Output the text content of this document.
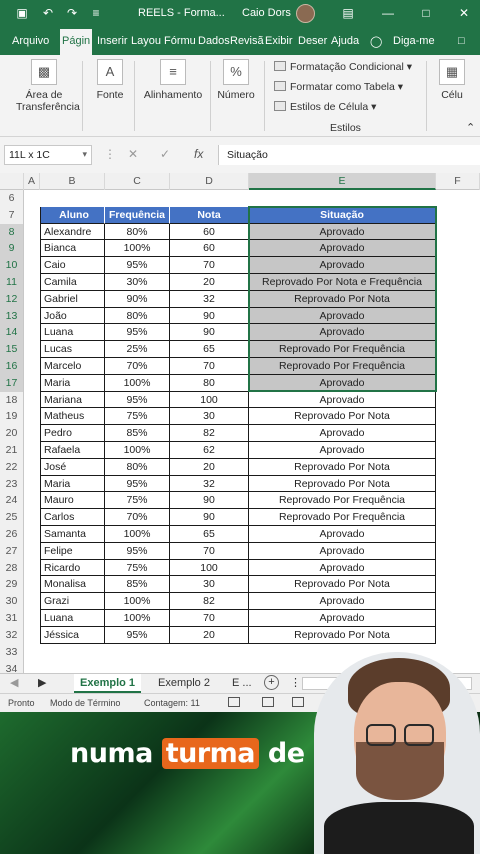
▣ ↶ ↷	≡	REELS - Forma... Caio Dors	▤ —	□	✕
Arquivo Págin Inserir Layou Fórmu Dados Revisã Exibir Deser Ajuda ◯ Diga-me □
▩
Área de
Transferência
A
Fonte
≡
Alinhamento
%
Número
Formatação Condicional ▾
Formatar como Tabela ▾
Estilos de Célula ▾
Estilos
▦
Célu
⌃
11L x 1C	▾ ⋮ ✕ ✓ fx	Situação
A	B	C	D	E	F
6
7	Aluno	Frequência	Nota	Situação
8	Alexandre	80%	60	Aprovado
9	Bianca	100%	60	Aprovado
10	Caio	95%	70	Aprovado
11	Camila	30%	20	Reprovado Por Nota e Frequência
12	Gabriel	90%	32	Reprovado Por Nota
13	João	80%	90	Aprovado
14	Luana	95%	90	Aprovado
15	Lucas	25%	65	Reprovado Por Frequência
16	Marcelo	70%	70	Reprovado Por Frequência
17	Maria	100%	80	Aprovado
18	Mariana	95%	100	Aprovado
19	Matheus	75%	30	Reprovado Por Nota
20	Pedro	85%	82	Aprovado
21	Rafaela	100%	62	Aprovado
22	José	80%	20	Reprovado Por Nota
23	Maria	95%	32	Reprovado Por Nota
24	Mauro	75%	90	Reprovado Por Frequência
25	Carlos	70%	90	Reprovado Por Frequência
26	Samanta	100%	65	Aprovado
27	Felipe	95%	70	Aprovado
28	Ricardo	75%	100	Aprovado
29	Monalisa	85%	30	Reprovado Por Nota
30	Grazi	100%	82	Aprovado
31	Luana	100%	70	Aprovado
32	Jéssica	95%	20	Reprovado Por Nota
33
34
◀ ▶	Exemplo 1	Exemplo 2	E ...	+	⋮
Pronto Modo de Término	Contagem: 11
numa turma de
